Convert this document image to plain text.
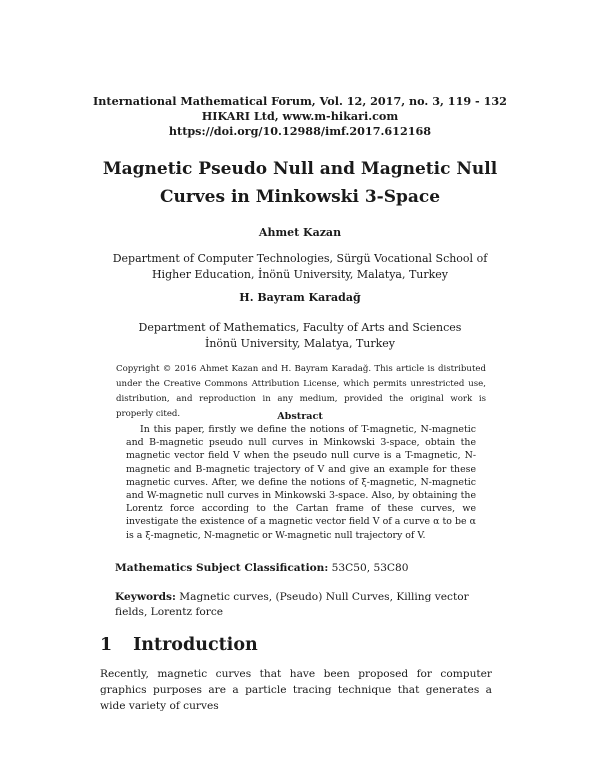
International Mathematical Forum, Vol. 12, 2017, no. 3, 119 - 132
HIKARI Ltd, www.m-hikari.com
https://doi.org/10.12988/imf.2017.612168
Magnetic Pseudo Null and Magnetic Null
Curves in Minkowski 3-Space
Ahmet Kazan
Department of Computer Technologies, Sürgü Vocational School of
Higher Education, İnönü University, Malatya, Turkey
H. Bayram Karadağ
Department of Mathematics, Faculty of Arts and Sciences
İnönü University, Malatya, Turkey
Copyright © 2016 Ahmet Kazan and H. Bayram Karadağ. This article is distributed under the Creative Commons Attribution License, which permits unrestricted use, distribution, and reproduction in any medium, provided the original work is properly cited.	Abstract

In this paper, firstly we define the notions of T-magnetic, N-magnetic and B-magnetic pseudo null curves in Minkowski 3-space, obtain the magnetic vector field V when the pseudo null curve is a T-magnetic, N-magnetic and B-magnetic trajectory of V and give an example for these magnetic curves. After, we define the notions of ξ-magnetic, N-magnetic and W-magnetic null curves in Minkowski 3-space. Also, by obtaining the Lorentz force according to the Cartan frame of these curves, we investigate the existence of a magnetic vector field V of a curve α to be α is a ξ-magnetic, N-magnetic or W-magnetic null trajectory of V.

Mathematics Subject Classification: 53C50, 53C80
Keywords: Magnetic curves, (Pseudo) Null Curves, Killing vector fields, Lorentz force
1 Introduction

Recently, magnetic curves that have been proposed for computer graphics purposes are a particle tracing technique that generates a wide variety of curves
